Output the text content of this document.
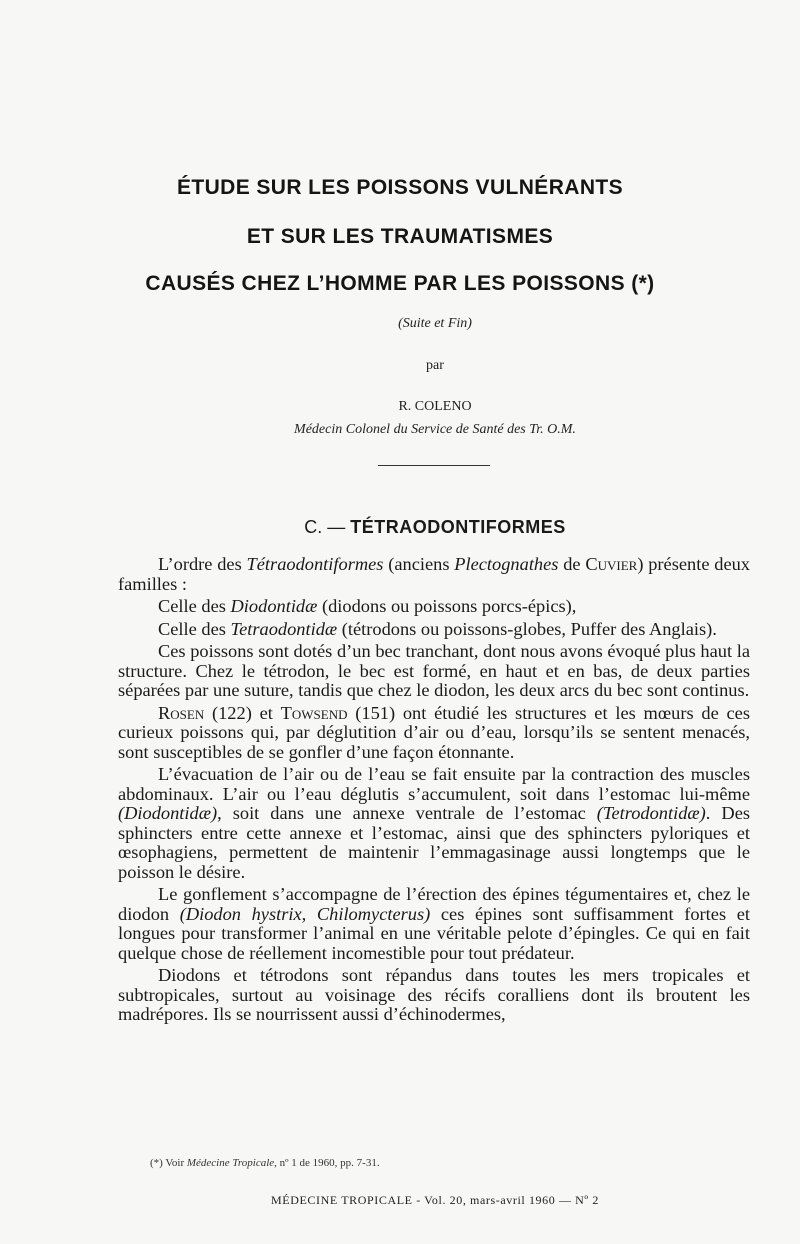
ÉTUDE SUR LES POISSONS VULNÉRANTS
ET SUR LES TRAUMATISMES
CAUSÉS CHEZ L’HOMME PAR LES POISSONS (*)
(Suite et Fin)
par
R. COLENO
Médecin Colonel du Service de Santé des Tr. O.M.
C. — TÉTRAODONTIFORMES

L’ordre des Tétraodontiformes (anciens Plectognathes de Cuvier) présente deux familles :

Celle des Diodontidæ (diodons ou poissons porcs-épics),

Celle des Tetraodontidæ (tétrodons ou poissons-globes, Puffer des Anglais).

Ces poissons sont dotés d’un bec tranchant, dont nous avons évoqué plus haut la structure. Chez le tétrodon, le bec est formé, en haut et en bas, de deux parties séparées par une suture, tandis que chez le diodon, les deux arcs du bec sont continus.

Rosen (122) et Towsend (151) ont étudié les structures et les mœurs de ces curieux poissons qui, par déglutition d’air ou d’eau, lorsqu’ils se sentent menacés, sont susceptibles de se gonfler d’une façon étonnante.

L’évacuation de l’air ou de l’eau se fait ensuite par la contraction des muscles abdominaux. L’air ou l’eau déglutis s’accumulent, soit dans l’estomac lui-même (Diodontidæ), soit dans une annexe ventrale de l’estomac (Tetrodontidæ). Des sphincters entre cette annexe et l’estomac, ainsi que des sphincters pyloriques et œsophagiens, permettent de maintenir l’emmagasinage aussi longtemps que le poisson le désire.

Le gonflement s’accompagne de l’érection des épines tégumentaires et, chez le diodon (Diodon hystrix, Chilomycterus) ces épines sont suffisamment fortes et longues pour transformer l’animal en une véritable pelote d’épingles. Ce qui en fait quelque chose de réellement incomestible pour tout prédateur.

Diodons et tétrodons sont répandus dans toutes les mers tropicales et subtropicales, surtout au voisinage des récifs coralliens dont ils broutent les madrépores. Ils se nourrissent aussi d’échinodermes,

(*) Voir Médecine Tropicale, nº 1 de 1960, pp. 7-31.
MÉDECINE TROPICALE - Vol. 20, mars-avril 1960 — Nº 2
